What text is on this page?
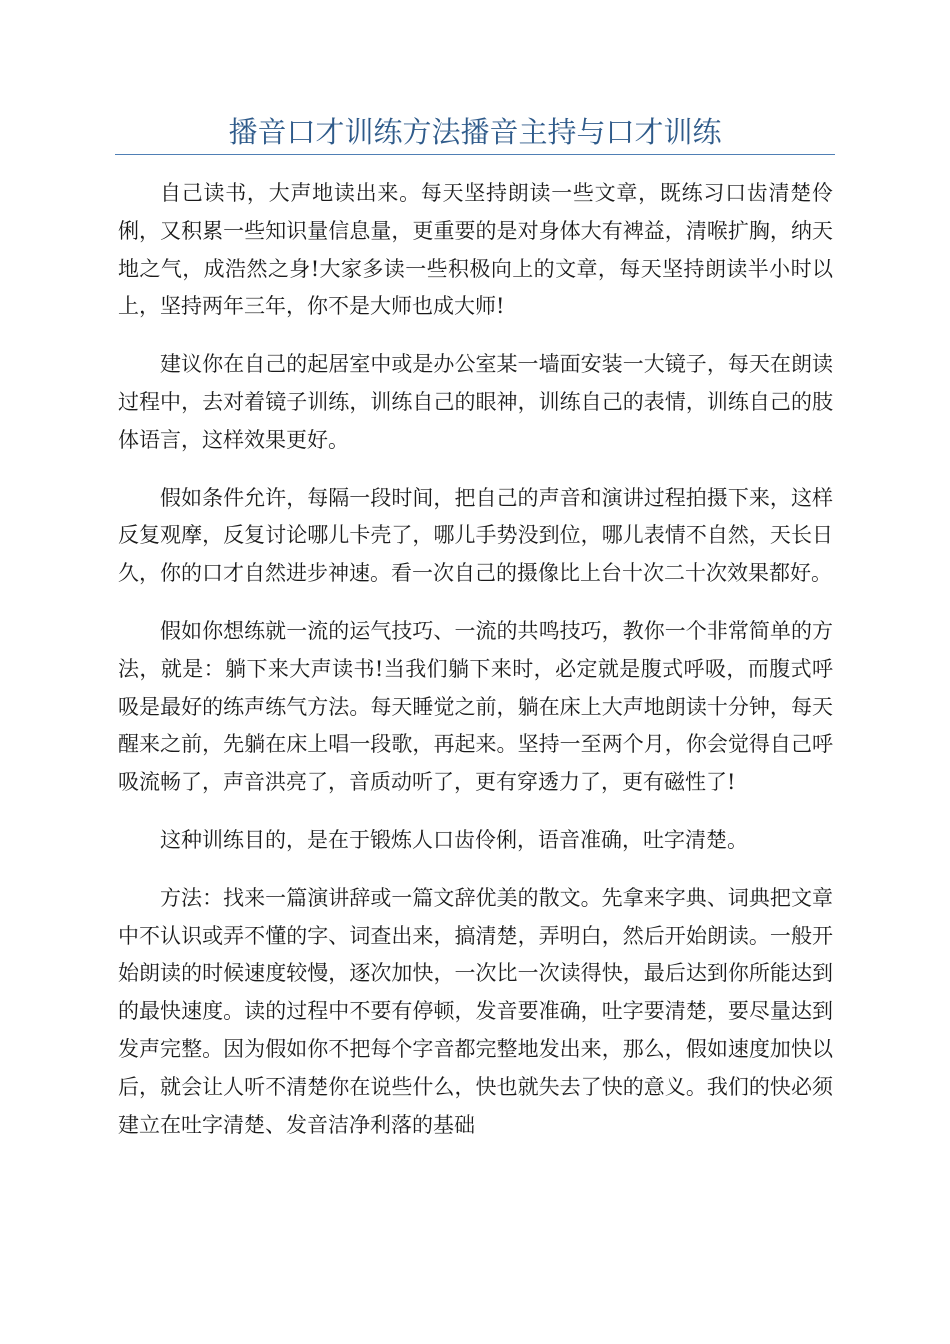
播音口才训练方法播音主持与口才训练

自己读书，大声地读出来。每天坚持朗读一些文章，既练习口齿清楚伶俐，又积累一些知识量信息量，更重要的是对身体大有裨益，清喉扩胸，纳天地之气，成浩然之身!大家多读一些积极向上的文章，每天坚持朗读半小时以上，坚持两年三年，你不是大师也成大师!

建议你在自己的起居室中或是办公室某一墙面安装一大镜子，每天在朗读过程中，去对着镜子训练，训练自己的眼神，训练自己的表情，训练自己的肢体语言，这样效果更好。

假如条件允许，每隔一段时间，把自己的声音和演讲过程拍摄下来，这样反复观摩，反复讨论哪儿卡壳了，哪儿手势没到位，哪儿表情不自然，天长日久，你的口才自然进步神速。看一次自己的摄像比上台十次二十次效果都好。

假如你想练就一流的运气技巧、一流的共鸣技巧，教你一个非常简单的方法，就是：躺下来大声读书!当我们躺下来时，必定就是腹式呼吸，而腹式呼吸是最好的练声练气方法。每天睡觉之前，躺在床上大声地朗读十分钟，每天醒来之前，先躺在床上唱一段歌，再起来。坚持一至两个月，你会觉得自己呼吸流畅了，声音洪亮了，音质动听了，更有穿透力了，更有磁性了!

这种训练目的，是在于锻炼人口齿伶俐，语音准确，吐字清楚。

方法：找来一篇演讲辞或一篇文辞优美的散文。先拿来字典、词典把文章中不认识或弄不懂的字、词查出来，搞清楚，弄明白，然后开始朗读。一般开始朗读的时候速度较慢，逐次加快，一次比一次读得快，最后达到你所能达到的最快速度。读的过程中不要有停顿，发音要准确，吐字要清楚，要尽量达到发声完整。因为假如你不把每个字音都完整地发出来，那么，假如速度加快以后，就会让人听不清楚你在说些什么，快也就失去了快的意义。我们的快必须建立在吐字清楚、发音洁净利落的基础
